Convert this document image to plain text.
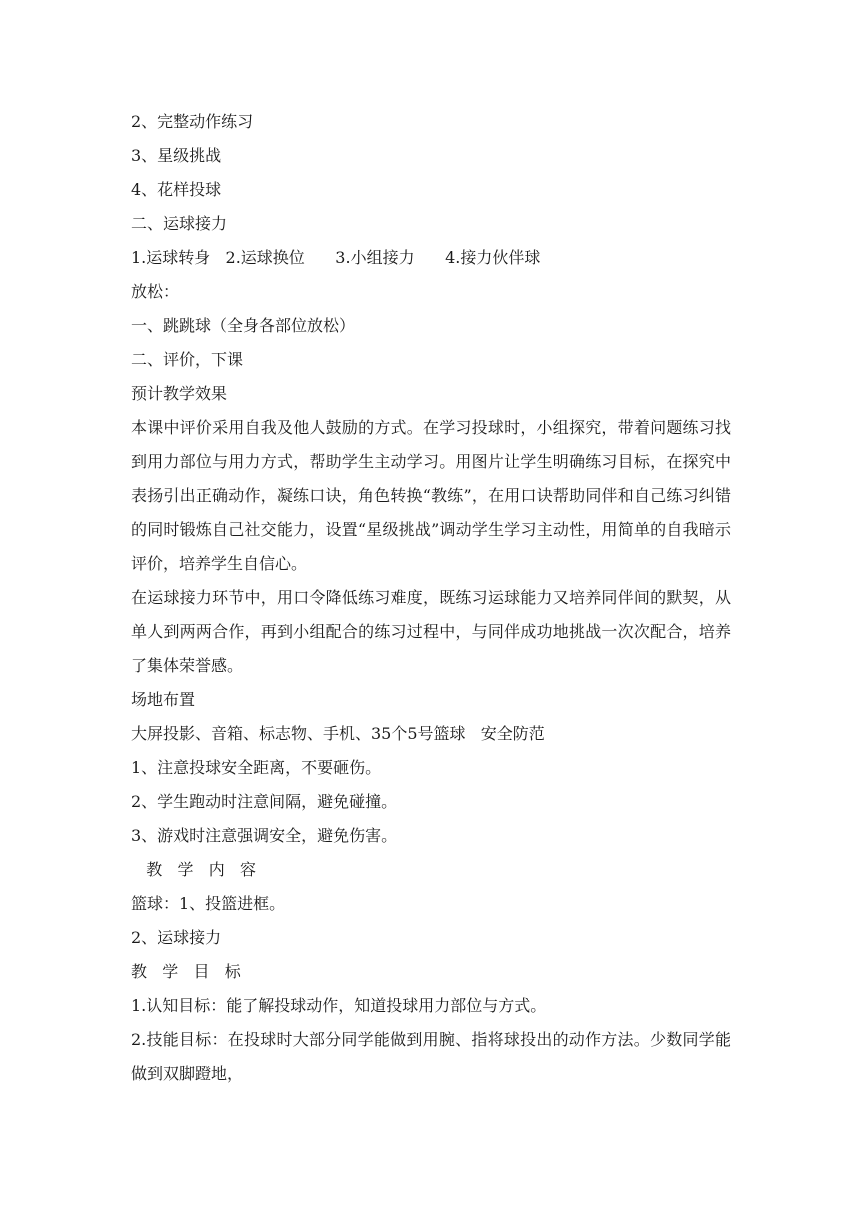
2、完整动作练习

3、星级挑战

4、花样投球

二、运球接力

1.运球转身   2.运球换位      3.小组接力      4.接力伙伴球

放松：

一、跳跳球（全身各部位放松）

二、评价，下课

预计教学效果

本课中评价采用自我及他人鼓励的方式。在学习投球时，小组探究，带着问题练习找到用力部位与用力方式，帮助学生主动学习。用图片让学生明确练习目标，在探究中表扬引出正确动作，凝练口诀，角色转换“教练”，在用口诀帮助同伴和自己练习纠错的同时锻炼自己社交能力，设置“星级挑战”调动学生学习主动性，用简单的自我暗示评价，培养学生自信心。

在运球接力环节中，用口令降低练习难度，既练习运球能力又培养同伴间的默契，从单人到两两合作，再到小组配合的练习过程中，与同伴成功地挑战一次次配合，培养了集体荣誉感。

场地布置

大屏投影、音箱、标志物、手机、35个5号篮球   安全防范

1、注意投球安全距离，不要砸伤。

2、学生跑动时注意间隔，避免碰撞。

3、游戏时注意强调安全，避免伤害。

教   学   内   容

篮球：1、投篮进框。

2、运球接力

教   学   目   标

1.认知目标：能了解投球动作，知道投球用力部位与方式。

2.技能目标：在投球时大部分同学能做到用腕、指将球投出的动作方法。少数同学能做到双脚蹬地，
